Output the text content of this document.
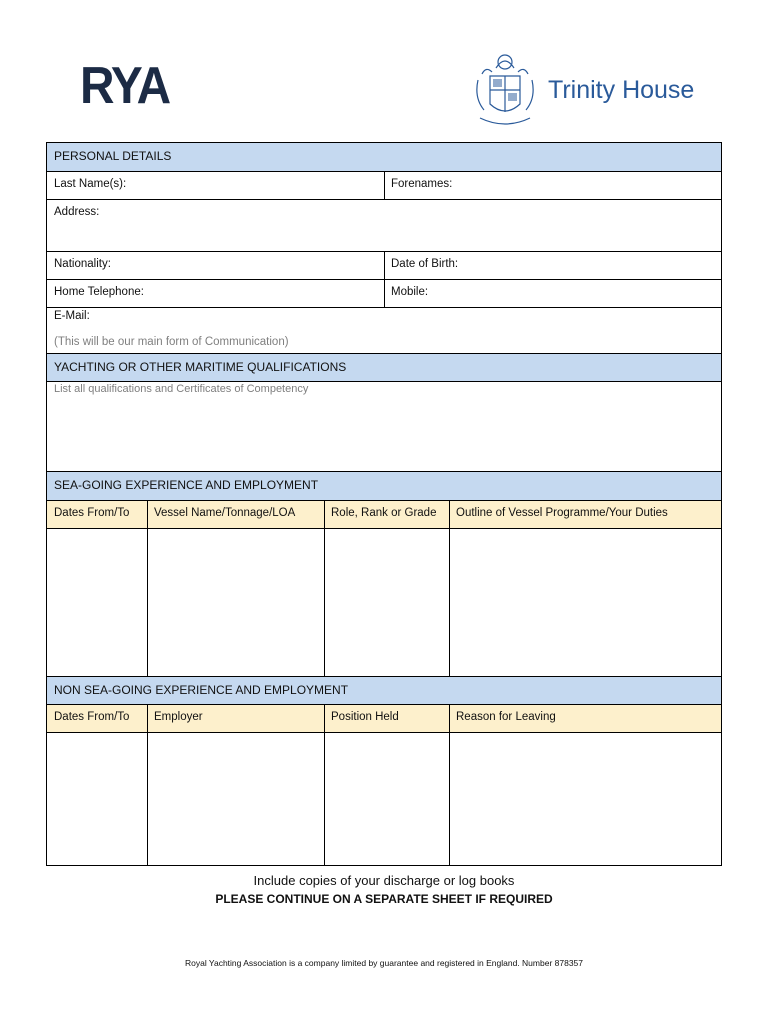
RYA	Trinity House
PERSONAL DETAILS
Last Name(s):	Forenames:
Address:
Nationality:	Date of Birth:
Home Telephone:	Mobile:
E-Mail:
(This will be our main form of Communication)
YACHTING OR OTHER MARITIME QUALIFICATIONS
List all qualifications and Certificates of Competency
SEA-GOING EXPERIENCE AND EMPLOYMENT
Dates From/To	Vessel Name/Tonnage/LOA	Role, Rank or Grade	Outline of Vessel Programme/Your Duties
NON SEA-GOING EXPERIENCE AND EMPLOYMENT
Dates From/To	Employer	Position Held	Reason for Leaving
Include copies of your discharge or log books
PLEASE CONTINUE ON A SEPARATE SHEET IF REQUIRED
Royal Yachting Association is a company limited by guarantee and registered in England. Number 878357
